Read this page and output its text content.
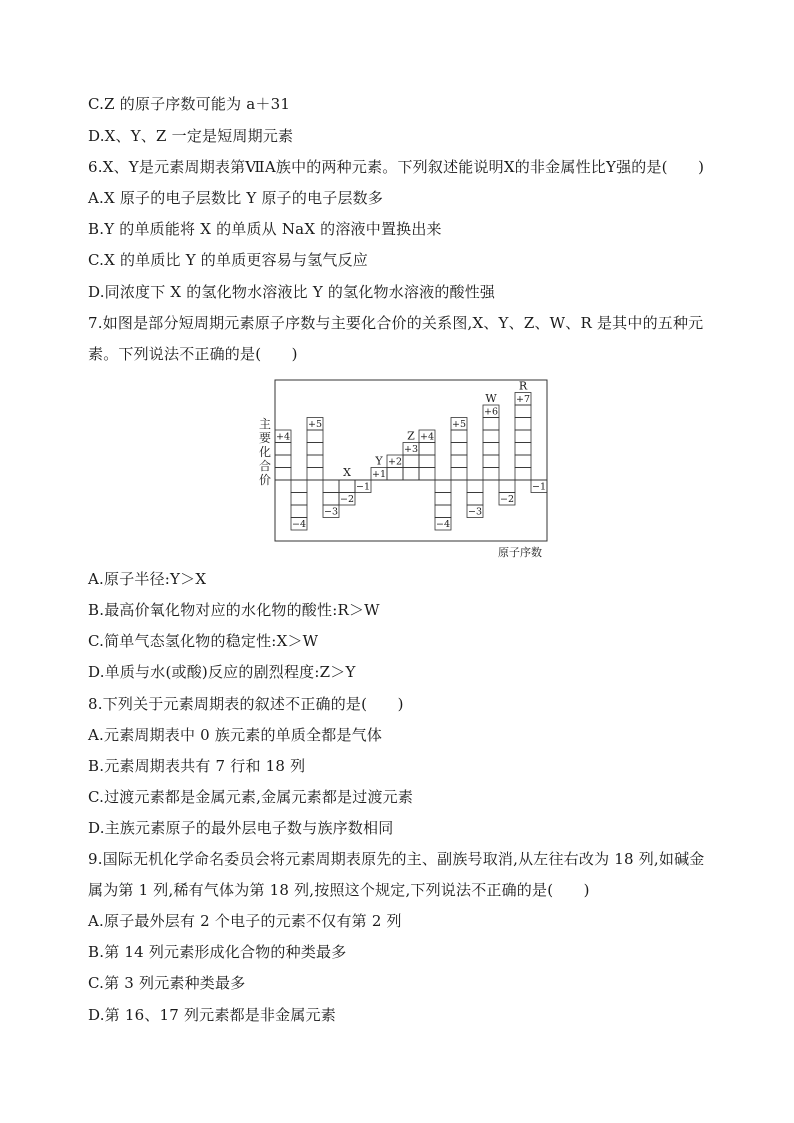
C.Z 的原子序数可能为 a＋31
D.X、Y、Z 一定是短周期元素
6.X、Y是元素周期表第ⅦA族中的两种元素。下列叙述能说明X的非金属性比Y强的是(　　)
A.X 原子的电子层数比 Y 原子的电子层数多
B.Y 的单质能将 X 的单质从 NaX 的溶液中置换出来
C.X 的单质比 Y 的单质更容易与氢气反应
D.同浓度下 X 的氢化物水溶液比 Y 的氢化物水溶液的酸性强
7.如图是部分短周期元素原子序数与主要化合价的关系图,X、Y、Z、W、R 是其中的五种元
素。下列说法不正确的是(　　)
+4
−4
+5
−3
−2
X
−1
+1
Y +2
+3
Z +4
−4
+5
−3
+6
W
−2
+7
R
−1
主
要
化
合
价
原子序数
A.原子半径:Y＞X
B.最高价氧化物对应的水化物的酸性:R＞W
C.简单气态氢化物的稳定性:X＞W
D.单质与水(或酸)反应的剧烈程度:Z＞Y
8.下列关于元素周期表的叙述不正确的是(　　)
A.元素周期表中 0 族元素的单质全都是气体
B.元素周期表共有 7 行和 18 列
C.过渡元素都是金属元素,金属元素都是过渡元素
D.主族元素原子的最外层电子数与族序数相同
9.国际无机化学命名委员会将元素周期表原先的主、副族号取消,从左往右改为 18 列,如碱金
属为第 1 列,稀有气体为第 18 列,按照这个规定,下列说法不正确的是(　　)
A.原子最外层有 2 个电子的元素不仅有第 2 列
B.第 14 列元素形成化合物的种类最多
C.第 3 列元素种类最多
D.第 16、17 列元素都是非金属元素
